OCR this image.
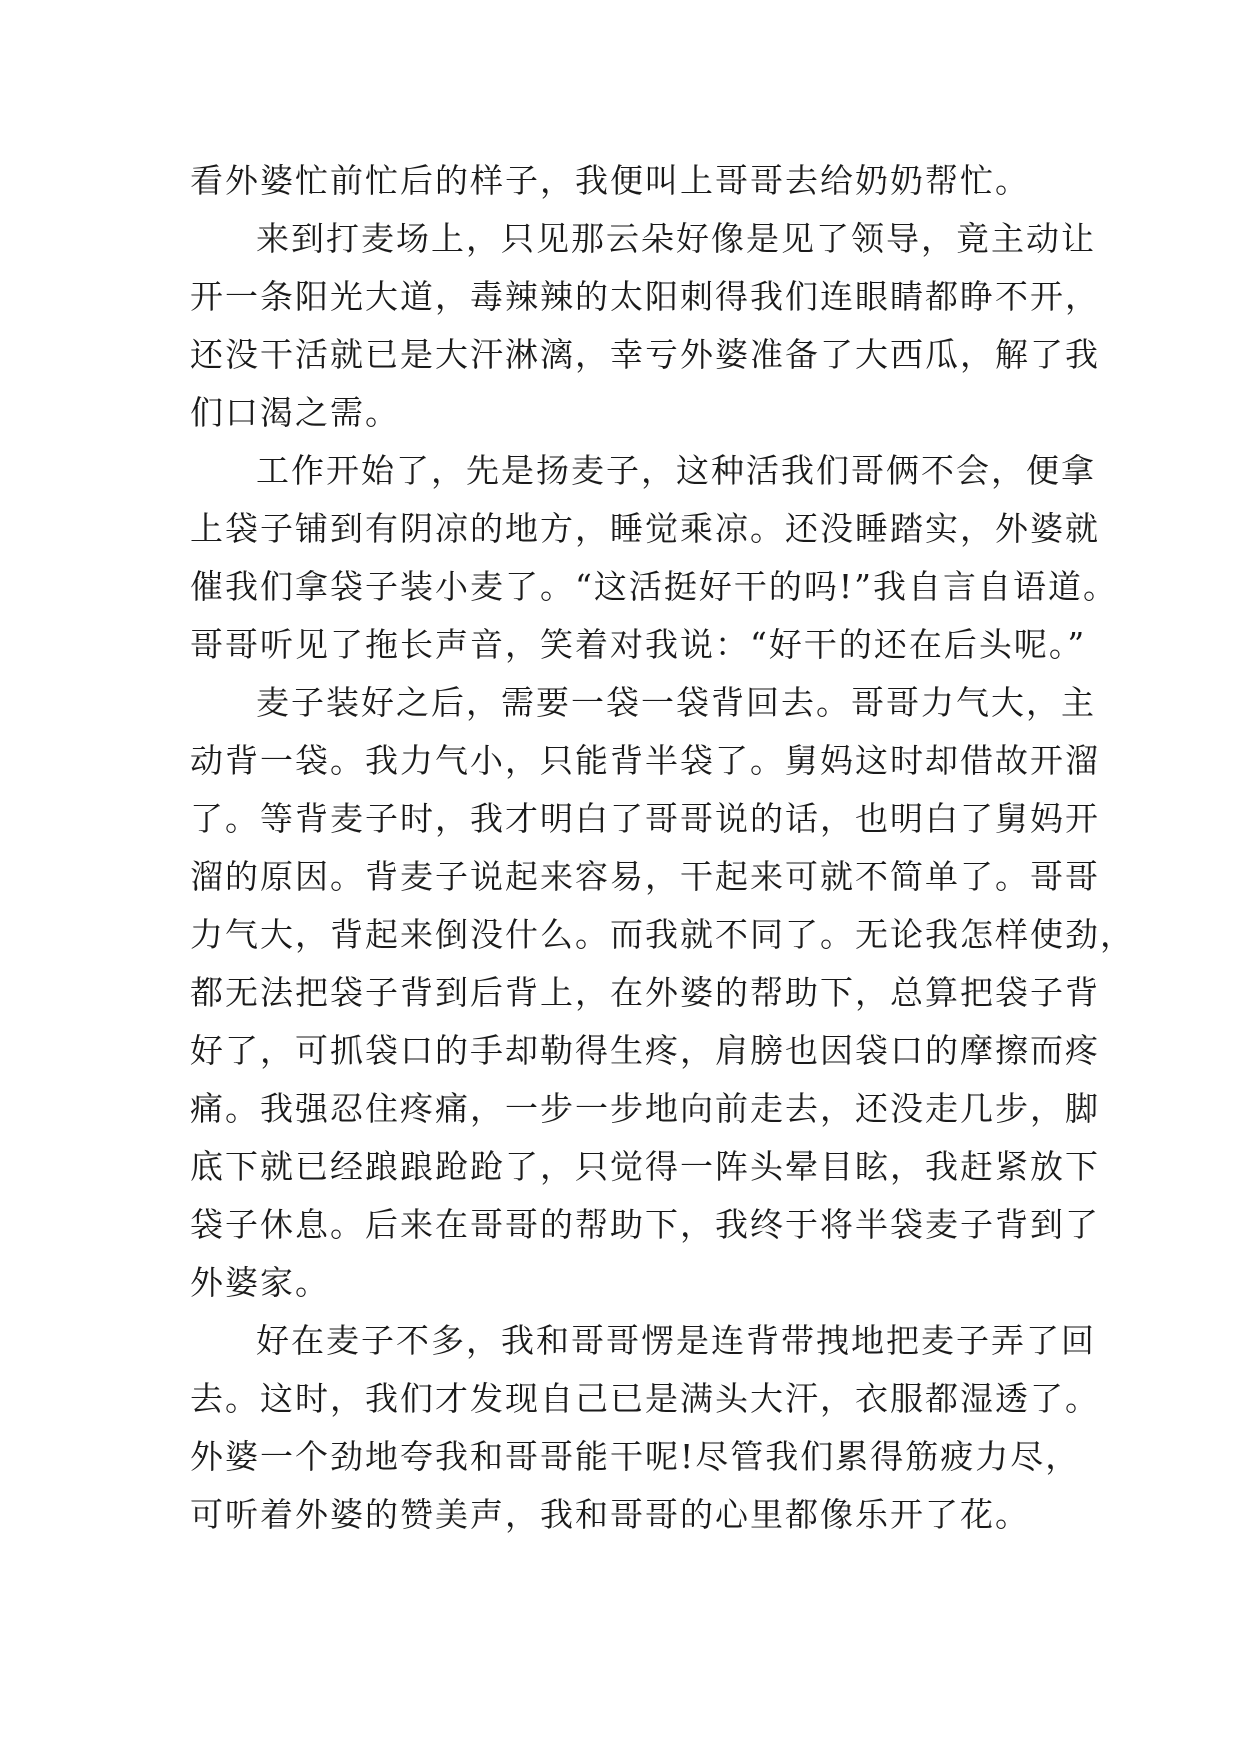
看外婆忙前忙后的样子，我便叫上哥哥去给奶奶帮忙。
来到打麦场上，只见那云朵好像是见了领导，竟主动让
开一条阳光大道，毒辣辣的太阳刺得我们连眼睛都睁不开，
还没干活就已是大汗淋漓，幸亏外婆准备了大西瓜，解了我
们口渴之需。
工作开始了，先是扬麦子，这种活我们哥俩不会，便拿
上袋子铺到有阴凉的地方，睡觉乘凉。还没睡踏实，外婆就
催我们拿袋子装小麦了。“这活挺好干的吗!”我自言自语道。
哥哥听见了拖长声音，笑着对我说：“好干的还在后头呢。”
麦子装好之后，需要一袋一袋背回去。哥哥力气大，主
动背一袋。我力气小，只能背半袋了。舅妈这时却借故开溜
了。等背麦子时，我才明白了哥哥说的话，也明白了舅妈开
溜的原因。背麦子说起来容易，干起来可就不简单了。哥哥
力气大，背起来倒没什么。而我就不同了。无论我怎样使劲，
都无法把袋子背到后背上，在外婆的帮助下，总算把袋子背
好了，可抓袋口的手却勒得生疼，肩膀也因袋口的摩擦而疼
痛。我强忍住疼痛，一步一步地向前走去，还没走几步，脚
底下就已经踉踉跄跄了，只觉得一阵头晕目眩，我赶紧放下
袋子休息。后来在哥哥的帮助下，我终于将半袋麦子背到了
外婆家。
好在麦子不多，我和哥哥愣是连背带拽地把麦子弄了回
去。这时，我们才发现自己已是满头大汗，衣服都湿透了。
外婆一个劲地夸我和哥哥能干呢!尽管我们累得筋疲力尽，
可听着外婆的赞美声，我和哥哥的心里都像乐开了花。
